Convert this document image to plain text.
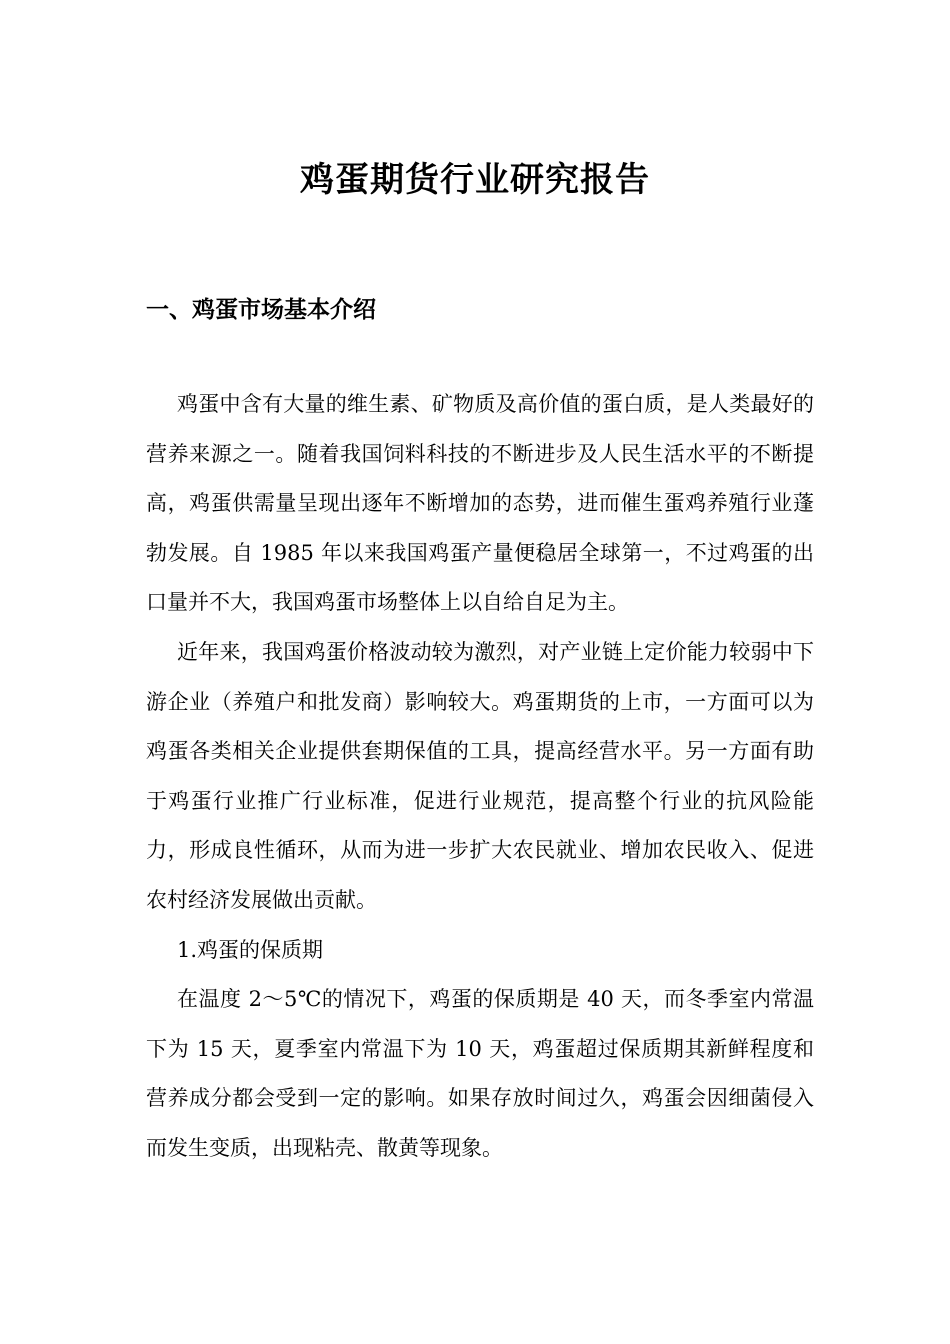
鸡蛋期货行业研究报告
一、鸡蛋市场基本介绍

鸡蛋中含有大量的维生素、矿物质及高价值的蛋白质，是人类最好的营养来源之一。随着我国饲料科技的不断进步及人民生活水平的不断提高，鸡蛋供需量呈现出逐年不断增加的态势，进而催生蛋鸡养殖行业蓬勃发展。自 1985 年以来我国鸡蛋产量便稳居全球第一，不过鸡蛋的出口量并不大，我国鸡蛋市场整体上以自给自足为主。

近年来，我国鸡蛋价格波动较为激烈，对产业链上定价能力较弱中下游企业（养殖户和批发商）影响较大。鸡蛋期货的上市，一方面可以为鸡蛋各类相关企业提供套期保值的工具，提高经营水平。另一方面有助于鸡蛋行业推广行业标准，促进行业规范，提高整个行业的抗风险能力，形成良性循环，从而为进一步扩大农民就业、增加农民收入、促进农村经济发展做出贡献。

1.鸡蛋的保质期

在温度 2～5℃的情况下，鸡蛋的保质期是 40 天，而冬季室内常温下为 15 天，夏季室内常温下为 10 天，鸡蛋超过保质期其新鲜程度和营养成分都会受到一定的影响。如果存放时间过久，鸡蛋会因细菌侵入而发生变质，出现粘壳、散黄等现象。
